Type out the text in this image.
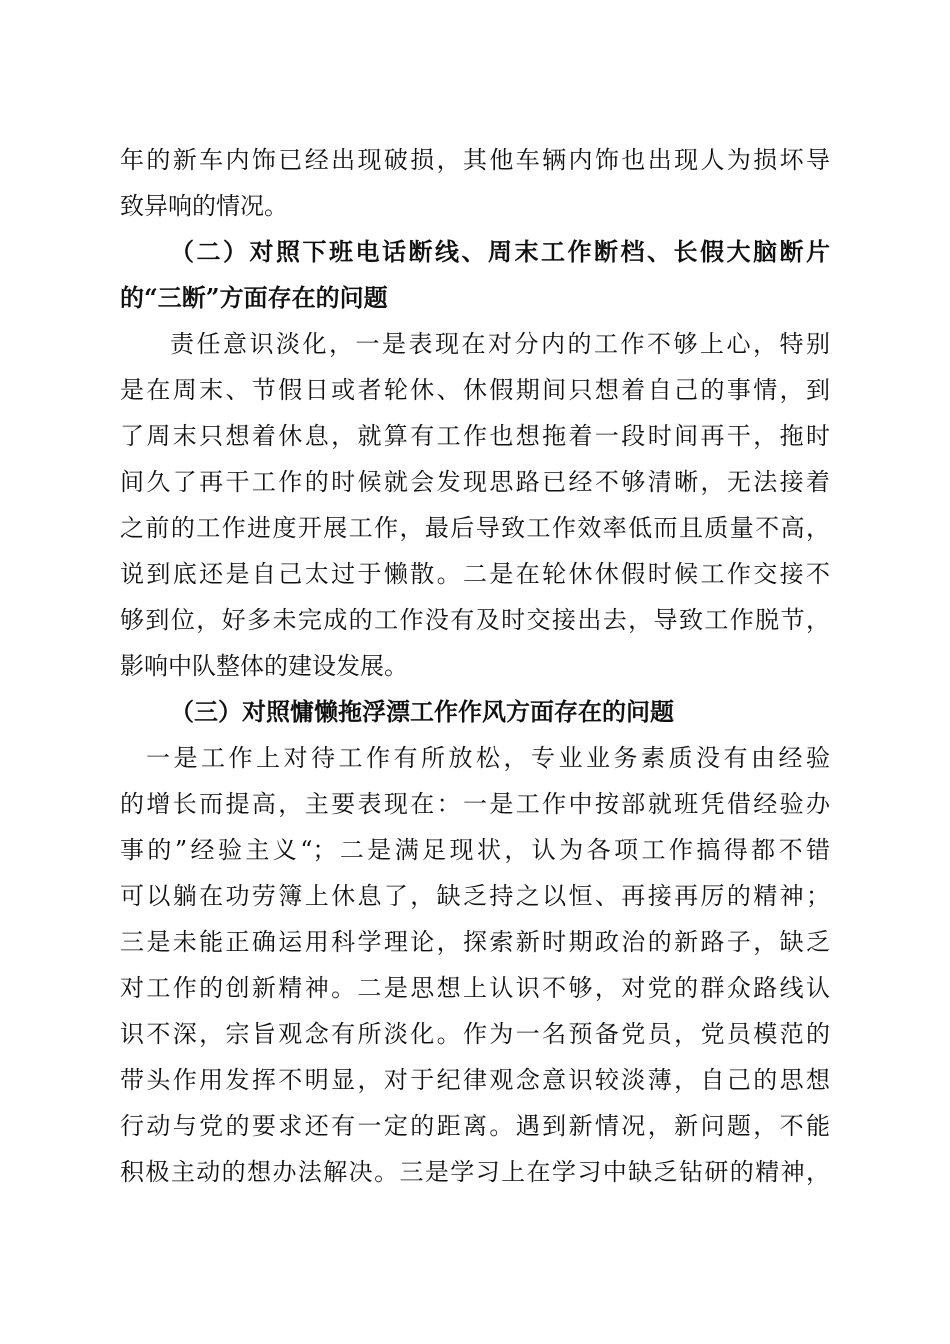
年的新车内饰已经出现破损，其他车辆内饰也出现人为损坏导
致异响的情况。
（二）对照下班电话断线、周末工作断档、长假大脑断片
的“三断”方面存在的问题
责任意识淡化，一是表现在对分内的工作不够上心，特别
是在周末、节假日或者轮休、休假期间只想着自己的事情，到
了周末只想着休息，就算有工作也想拖着一段时间再干，拖时
间久了再干工作的时候就会发现思路已经不够清晰，无法接着
之前的工作进度开展工作，最后导致工作效率低而且质量不高，
说到底还是自己太过于懒散。二是在轮休休假时候工作交接不
够到位，好多未完成的工作没有及时交接出去，导致工作脱节，
影响中队整体的建设发展。
（三）对照慵懒拖浮漂工作作风方面存在的问题
一是工作上对待工作有所放松，专业业务素质没有由经验
的增长而提高，主要表现在：一是工作中按部就班凭借经验办
事的”经验主义“；二是满足现状，认为各项工作搞得都不错
可以躺在功劳簿上休息了，缺乏持之以恒、再接再厉的精神；
三是未能正确运用科学理论，探索新时期政治的新路子，缺乏
对工作的创新精神。二是思想上认识不够，对党的群众路线认
识不深，宗旨观念有所淡化。作为一名预备党员，党员模范的
带头作用发挥不明显，对于纪律观念意识较淡薄，自己的思想
行动与党的要求还有一定的距离。遇到新情况，新问题，不能
积极主动的想办法解决。三是学习上在学习中缺乏钻研的精神，
